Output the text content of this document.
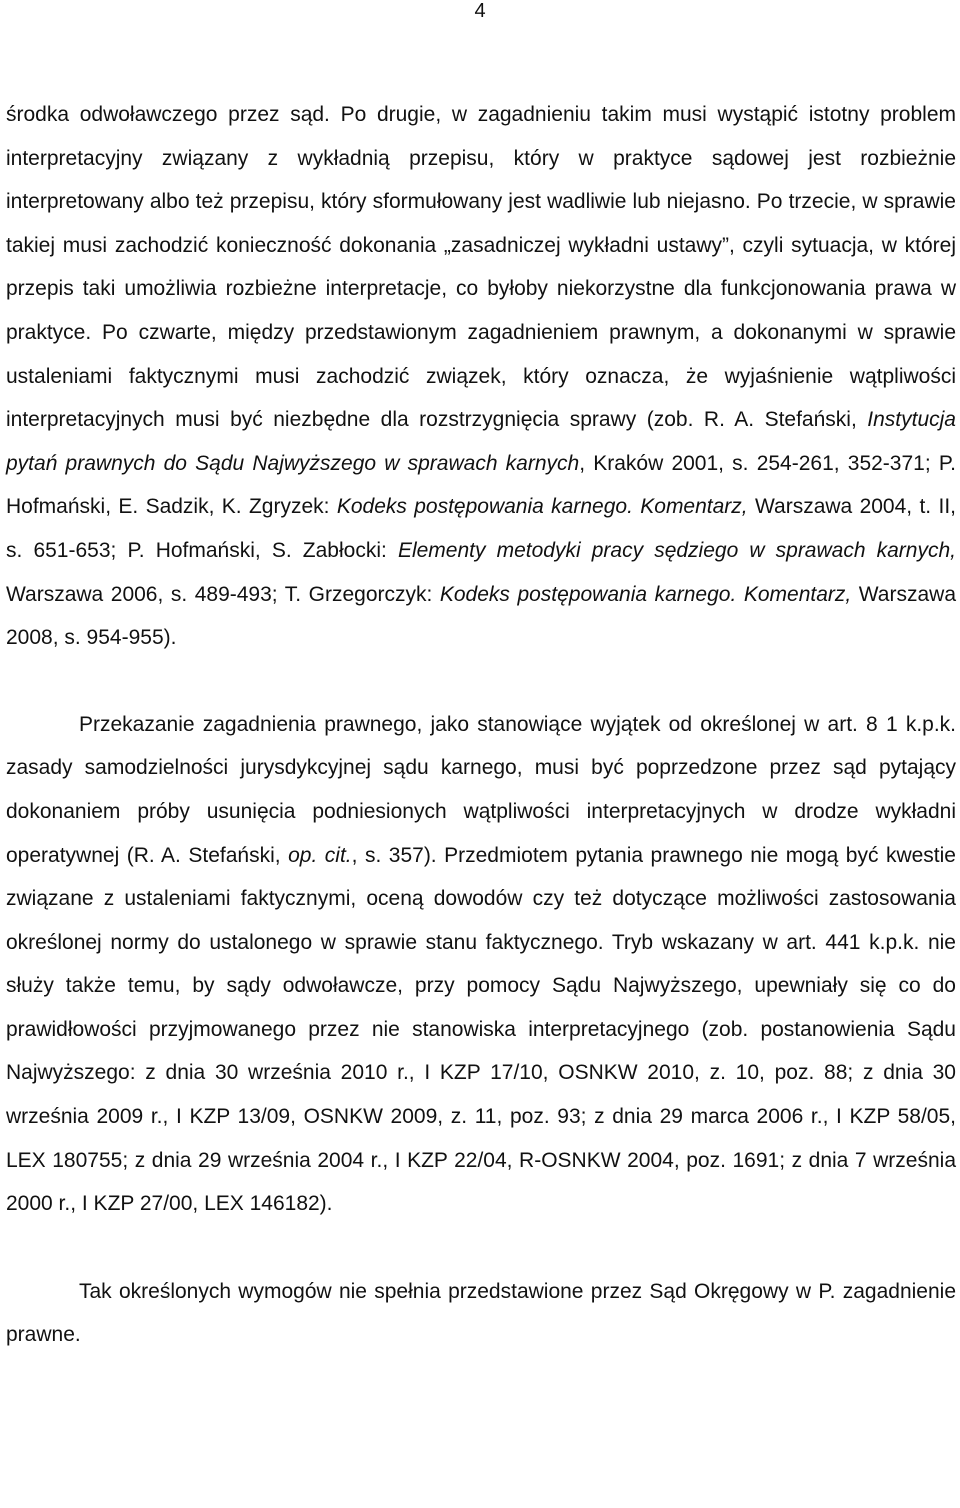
4

środka odwoławczego przez sąd. Po drugie, w zagadnieniu takim musi wystąpić istotny problem interpretacyjny związany z wykładnią przepisu, który w praktyce sądowej jest rozbieżnie interpretowany albo też przepisu, który sformułowany jest wadliwie lub niejasno. Po trzecie, w sprawie takiej musi zachodzić konieczność dokonania „zasadniczej wykładni ustawy”, czyli sytuacja, w której przepis taki umożliwia rozbieżne interpretacje, co byłoby niekorzystne dla funkcjonowania prawa w praktyce. Po czwarte, między przedstawionym zagadnieniem prawnym, a dokonanymi w sprawie ustaleniami faktycznymi musi zachodzić związek, który oznacza, że wyjaśnienie wątpliwości interpretacyjnych musi być niezbędne dla rozstrzygnięcia sprawy (zob. R. A. Stefański, Instytucja pytań prawnych do Sądu Najwyższego w sprawach karnych, Kraków 2001, s. 254-261, 352-371; P. Hofmański, E. Sadzik, K. Zgryzek: Kodeks postępowania karnego. Komentarz, Warszawa 2004, t. II, s. 651-653; P. Hofmański, S. Zabłocki: Elementy metodyki pracy sędziego w sprawach karnych, Warszawa 2006, s. 489-493; T. Grzegorczyk: Kodeks postępowania karnego. Komentarz, Warszawa 2008, s. 954-955).

Przekazanie zagadnienia prawnego, jako stanowiące wyjątek od określonej w art. 8 1 k.p.k. zasady samodzielności jurysdykcyjnej sądu karnego, musi być poprzedzone przez sąd pytający dokonaniem próby usunięcia podniesionych wątpliwości interpretacyjnych w drodze wykładni operatywnej (R. A. Stefański, op. cit., s. 357). Przedmiotem pytania prawnego nie mogą być kwestie związane z ustaleniami faktycznymi, oceną dowodów czy też dotyczące możliwości zastosowania określonej normy do ustalonego w sprawie stanu faktycznego. Tryb wskazany w art. 441 k.p.k. nie służy także temu, by sądy odwoławcze, przy pomocy Sądu Najwyższego, upewniały się co do prawidłowości przyjmowanego przez nie stanowiska interpretacyjnego (zob. postanowienia Sądu Najwyższego: z dnia 30 września 2010 r., I KZP 17/10, OSNKW 2010, z. 10, poz. 88; z dnia 30 września 2009 r., I KZP 13/09, OSNKW 2009, z. 11, poz. 93; z dnia 29 marca 2006 r., I KZP 58/05, LEX 180755; z dnia 29 września 2004 r., I KZP 22/04, R-OSNKW 2004, poz. 1691; z dnia 7 września 2000 r., I KZP 27/00, LEX 146182).

Tak określonych wymogów nie spełnia przedstawione przez Sąd Okręgowy w P. zagadnienie prawne.
